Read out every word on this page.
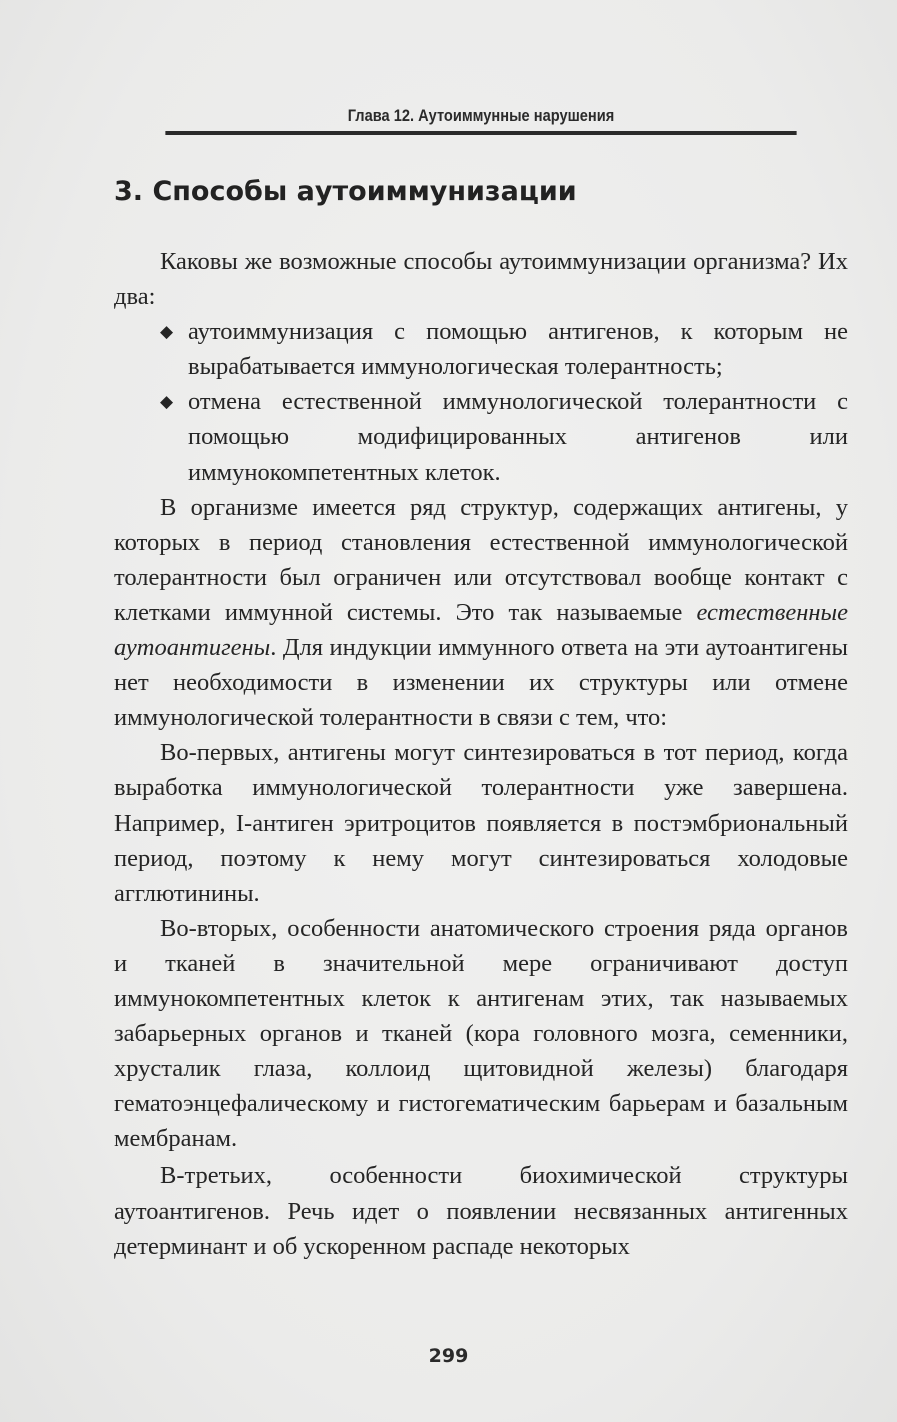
Глава 12. Аутоиммунные нарушения
3. Способы аутоиммунизации

Каковы же возможные способы аутоиммунизации организма? Их два:

◆ аутоиммунизация с помощью антигенов, к которым не вырабатывается иммунологическая толерантность;
◆ отмена естественной иммунологической толерантности с помощью модифицированных антигенов или иммунокомпетентных клеток.

В организме имеется ряд структур, содержащих антигены, у которых в период становления естественной иммунологической толерантности был ограничен или отсутствовал вообще контакт с клетками иммунной системы. Это так называемые естественные аутоантигены. Для индукции иммунного ответа на эти аутоантигены нет необходимости в изменении их структуры или отмене иммунологической толерантности в связи с тем, что:

Во-первых, антигены могут синтезироваться в тот период, когда выработка иммунологической толерантности уже завершена. Например, I-антиген эритроцитов появляется в постэмбриональный период, поэтому к нему могут синтезироваться холодовые агглютинины.

Во-вторых, особенности анатомического строения ряда органов и тканей в значительной мере ограничивают доступ иммунокомпетентных клеток к антигенам этих, так называемых забарьерных органов и тканей (кора головного мозга, семенники, хрусталик глаза, коллоид щитовидной железы) благодаря гематоэнцефалическому и гистогематическим барьерам и базальным мембранам.

В-третьих, особенности биохимической структуры аутоантигенов. Речь идет о появлении несвязанных антигенных детерминант и об ускоренном распаде некоторых

299
